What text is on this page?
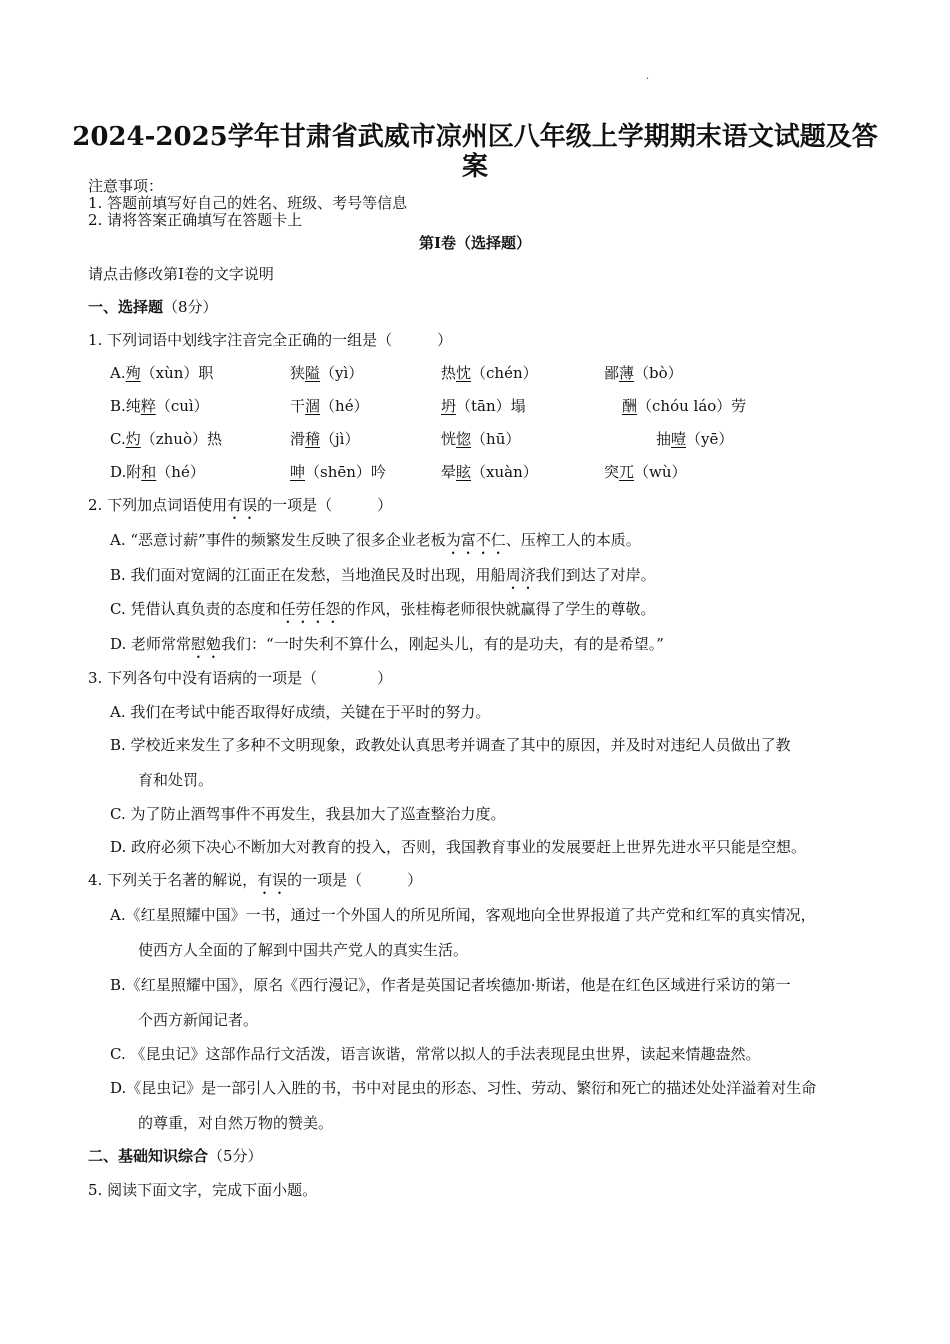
·
2024-2025学年甘肃省武威市凉州区八年级上学期期末语文试题及答案
注意事项：
1. 答题前填写好自己的姓名、班级、考号等信息
2. 请将答案正确填写在答题卡上
第I卷（选择题）
请点击修改第I卷的文字说明
一、选择题（8分）
1. 下列词语中划线字注音完全正确的一组是（　　　）
A.殉（xùn）职	狭隘（yì）	热忱（chén）	鄙薄（bò）
B.纯粹（cuì）	干涸（hé）	坍（tān）塌	酬（chóu láo）劳
C.灼（zhuò）热	滑稽（jì）	恍惚（hū）	抽噎（yē）
D.附和（hé）	呻（shēn）吟	晕眩（xuàn）	突兀（wù）
2. 下列加点词语使用有误的一项是（　　　）
A. “恶意讨薪”事件的频繁发生反映了很多企业老板为富不仁、压榨工人的本质。
B. 我们面对宽阔的江面正在发愁，当地渔民及时出现，用船周济我们到达了对岸。
C. 凭借认真负责的态度和任劳任怨的作风，张桂梅老师很快就赢得了学生的尊敬。
D. 老师常常慰勉我们：“一时失利不算什么，刚起头儿，有的是功夫，有的是希望。”
3. 下列各句中没有语病的一项是（　　　　）
A. 我们在考试中能否取得好成绩，关键在于平时的努力。
B. 学校近来发生了多种不文明现象，政教处认真思考并调查了其中的原因，并及时对违纪人员做出了教
育和处罚。
C. 为了防止酒驾事件不再发生，我县加大了巡查整治力度。
D. 政府必须下决心不断加大对教育的投入，否则，我国教育事业的发展要赶上世界先进水平只能是空想。
4. 下列关于名著的解说，有误的一项是（　　　）
A.《红星照耀中国》一书，通过一个外国人的所见所闻，客观地向全世界报道了共产党和红军的真实情况，
使西方人全面的了解到中国共产党人的真实生活。
B.《红星照耀中国》，原名《西行漫记》，作者是英国记者埃德加·斯诺，他是在红色区域进行采访的第一
个西方新闻记者。
C. 《昆虫记》这部作品行文活泼，语言诙谐，常常以拟人的手法表现昆虫世界，读起来情趣盎然。
D.《昆虫记》是一部引人入胜的书，书中对昆虫的形态、习性、劳动、繁衍和死亡的描述处处洋溢着对生命
的尊重，对自然万物的赞美。
二、基础知识综合（5分）
5. 阅读下面文字，完成下面小题。
